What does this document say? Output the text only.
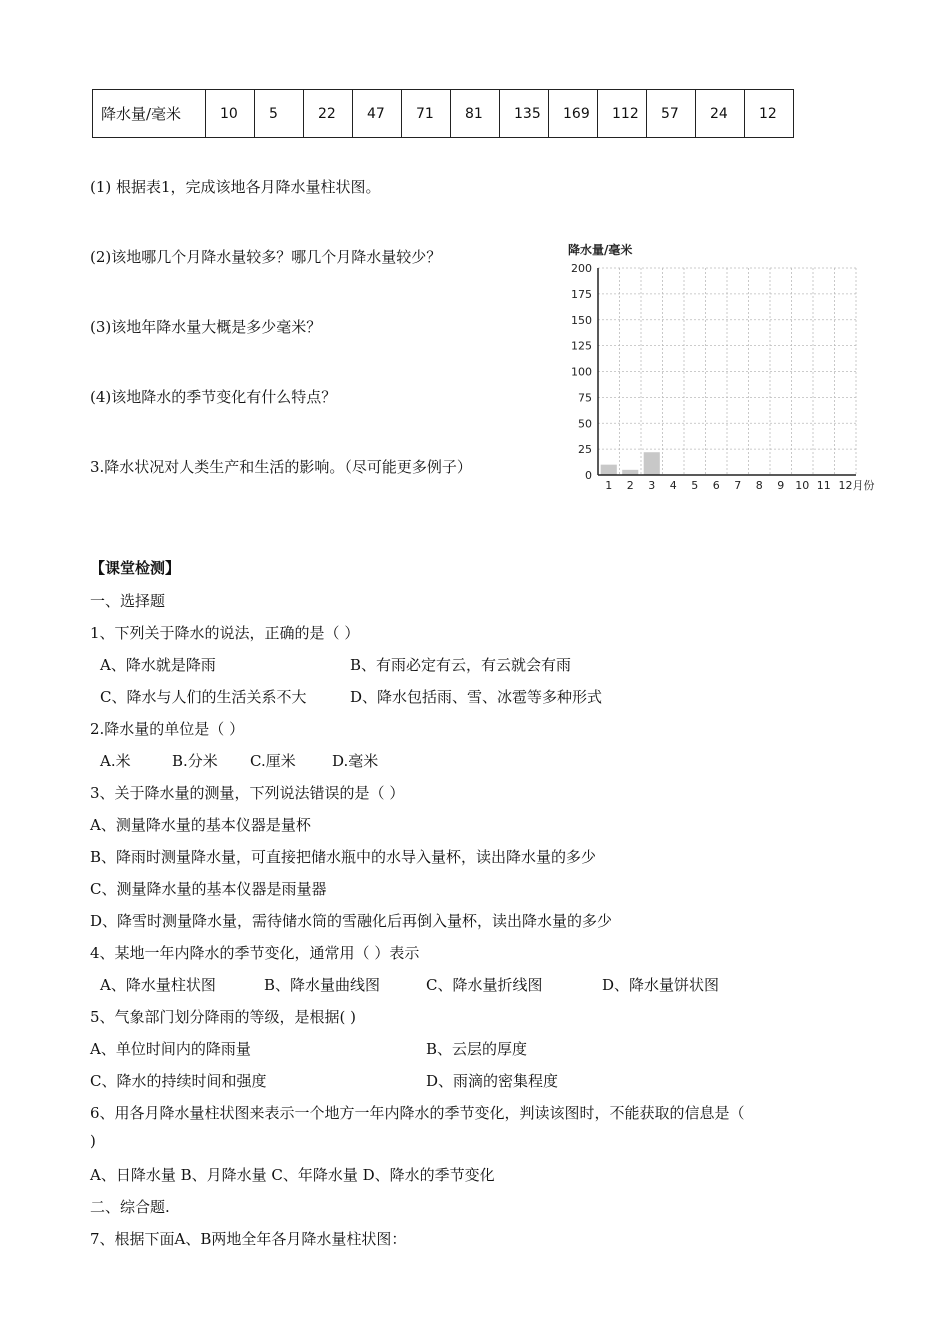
降水量/毫米	10	5	22	47	71	81	135	169	112	57	24	12
(1) 根据表1，完成该地各月降水量柱状图。
(2)该地哪几个月降水量较多？哪几个月降水量较少？
(3)该地年降水量大概是多少毫米？
(4)该地降水的季节变化有什么特点？
3.降水状况对人类生产和生活的影响。（尽可能更多例子）
降水量/毫米
0
25
50
75
100
125
150
175
200
1 2 3 4 5 6 7 8 9 10 11 12月份
【课堂检测】
一、选择题
1、下列关于降水的说法，正确的是（ ）
A、降水就是降雨	B、有雨必定有云，有云就会有雨
C、降水与人们的生活关系不大	D、降水包括雨、雪、冰雹等多种形式
2.降水量的单位是（ ）
A.米	B.分米 C.厘米 D.毫米
3、关于降水量的测量，下列说法错误的是（ ）
A、测量降水量的基本仪器是量杯
B、降雨时测量降水量，可直接把储水瓶中的水导入量杯，读出降水量的多少
C、测量降水量的基本仪器是雨量器
D、降雪时测量降水量，需待储水筒的雪融化后再倒入量杯，读出降水量的多少
4、某地一年内降水的季节变化，通常用（ ）表示
A、降水量柱状图	B、降水量曲线图	C、降水量折线图	D、降水量饼状图
5、气象部门划分降雨的等级，是根据( )
A、单位时间内的降雨量	B、云层的厚度
C、降水的持续时间和强度	D、雨滴的密集程度
6、用各月降水量柱状图来表示一个地方一年内降水的季节变化，判读该图时，不能获取的信息是（
)
A、日降水量 B、月降水量 C、年降水量 D、降水的季节变化
二、综合题.
7、根据下面A、B两地全年各月降水量柱状图：
